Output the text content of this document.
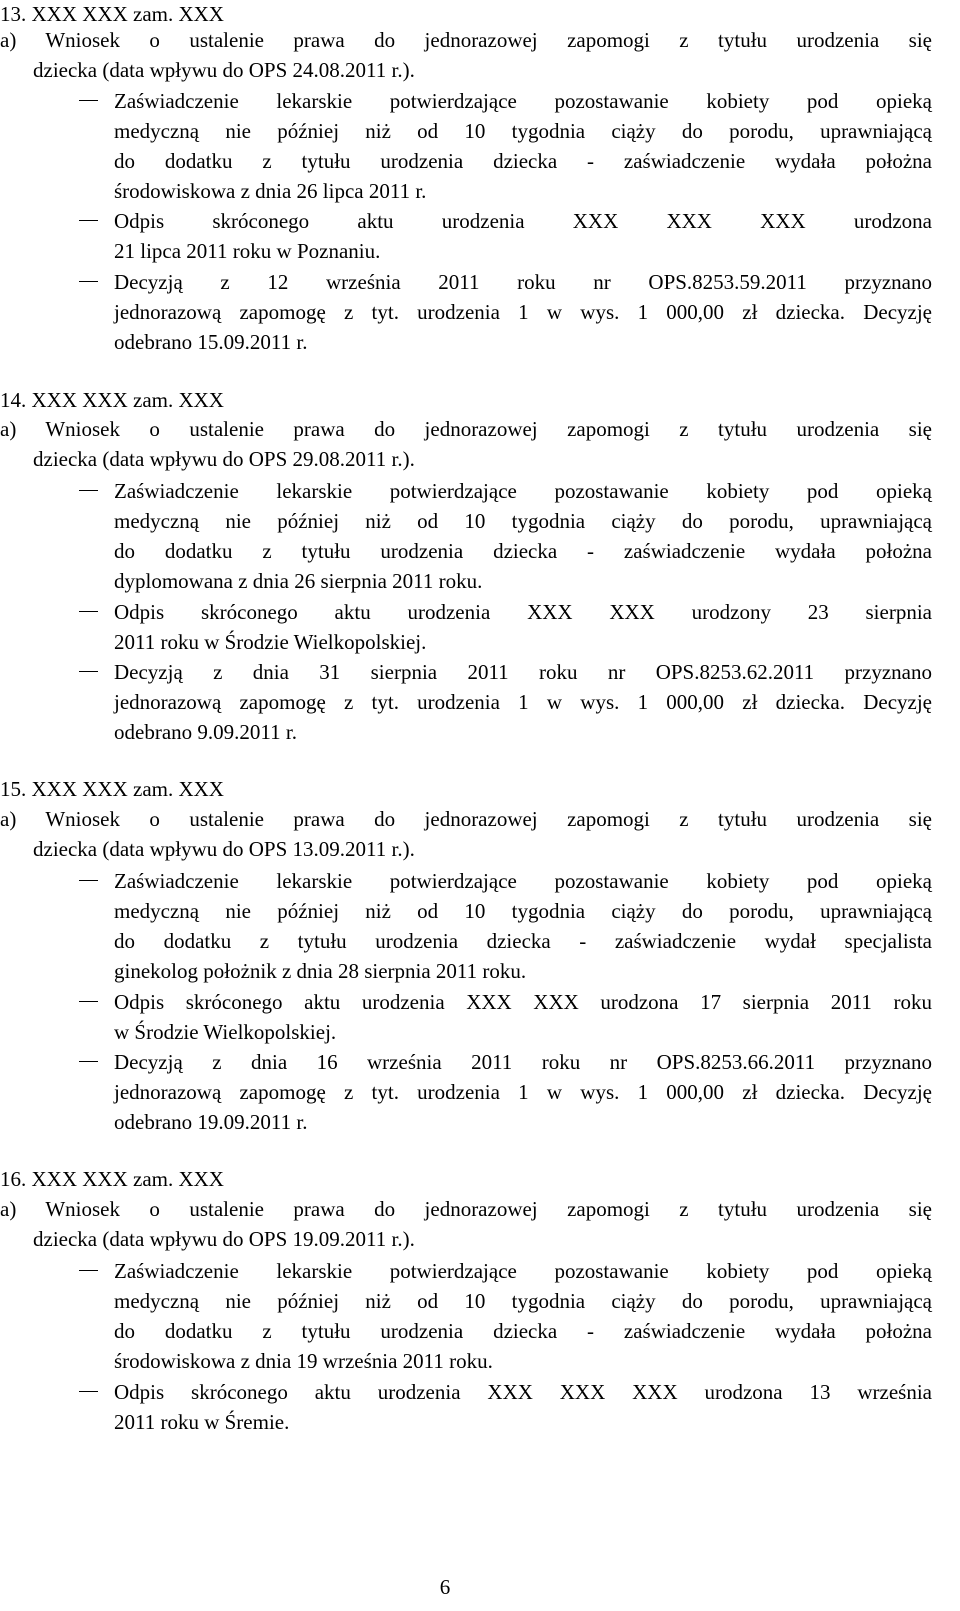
13. XXX XXX zam. XXX
a) Wniosek o ustalenie prawa do jednorazowej zapomogi z tytułu urodzenia się
dziecka (data wpływu do OPS 24.08.2011 r.).
Zaświadczenie lekarskie potwierdzające pozostawanie kobiety pod opieką
medyczną nie później niż od 10 tygodnia ciąży do porodu, uprawniającą
do dodatku z tytułu urodzenia dziecka - zaświadczenie wydała położna
środowiskowa z dnia 26 lipca 2011 r.
Odpis skróconego aktu urodzenia XXX XXX XXX urodzona
21 lipca 2011 roku w Poznaniu.
Decyzją z 12 września 2011 roku nr OPS.8253.59.2011 przyznano
jednorazową zapomogę z tyt. urodzenia 1 w wys. 1 000,00 zł dziecka. Decyzję
odebrano 15.09.2011 r.
14. XXX XXX zam. XXX
a) Wniosek o ustalenie prawa do jednorazowej zapomogi z tytułu urodzenia się
dziecka (data wpływu do OPS 29.08.2011 r.).
Zaświadczenie lekarskie potwierdzające pozostawanie kobiety pod opieką
medyczną nie później niż od 10 tygodnia ciąży do porodu, uprawniającą
do dodatku z tytułu urodzenia dziecka - zaświadczenie wydała położna
dyplomowana z dnia 26 sierpnia 2011 roku.
Odpis skróconego aktu urodzenia XXX XXX urodzony 23 sierpnia
2011 roku w Środzie Wielkopolskiej.
Decyzją z dnia 31 sierpnia 2011 roku nr OPS.8253.62.2011 przyznano
jednorazową zapomogę z tyt. urodzenia 1 w wys. 1 000,00 zł dziecka. Decyzję
odebrano 9.09.2011 r.
15. XXX XXX zam. XXX
a) Wniosek o ustalenie prawa do jednorazowej zapomogi z tytułu urodzenia się
dziecka (data wpływu do OPS 13.09.2011 r.).
Zaświadczenie lekarskie potwierdzające pozostawanie kobiety pod opieką
medyczną nie później niż od 10 tygodnia ciąży do porodu, uprawniającą
do dodatku z tytułu urodzenia dziecka - zaświadczenie wydał specjalista
ginekolog położnik z dnia 28 sierpnia 2011 roku.
Odpis skróconego aktu urodzenia XXX XXX urodzona 17 sierpnia 2011 roku
w Środzie Wielkopolskiej.
Decyzją z dnia 16 września 2011 roku nr OPS.8253.66.2011 przyznano
jednorazową zapomogę z tyt. urodzenia 1 w wys. 1 000,00 zł dziecka. Decyzję
odebrano 19.09.2011 r.
16. XXX XXX zam. XXX
a) Wniosek o ustalenie prawa do jednorazowej zapomogi z tytułu urodzenia się
dziecka (data wpływu do OPS 19.09.2011 r.).
Zaświadczenie lekarskie potwierdzające pozostawanie kobiety pod opieką
medyczną nie później niż od 10 tygodnia ciąży do porodu, uprawniającą
do dodatku z tytułu urodzenia dziecka - zaświadczenie wydała położna
środowiskowa z dnia 19 września 2011 roku.
Odpis skróconego aktu urodzenia XXX XXX XXX urodzona 13 września
2011 roku w Śremie.
6
